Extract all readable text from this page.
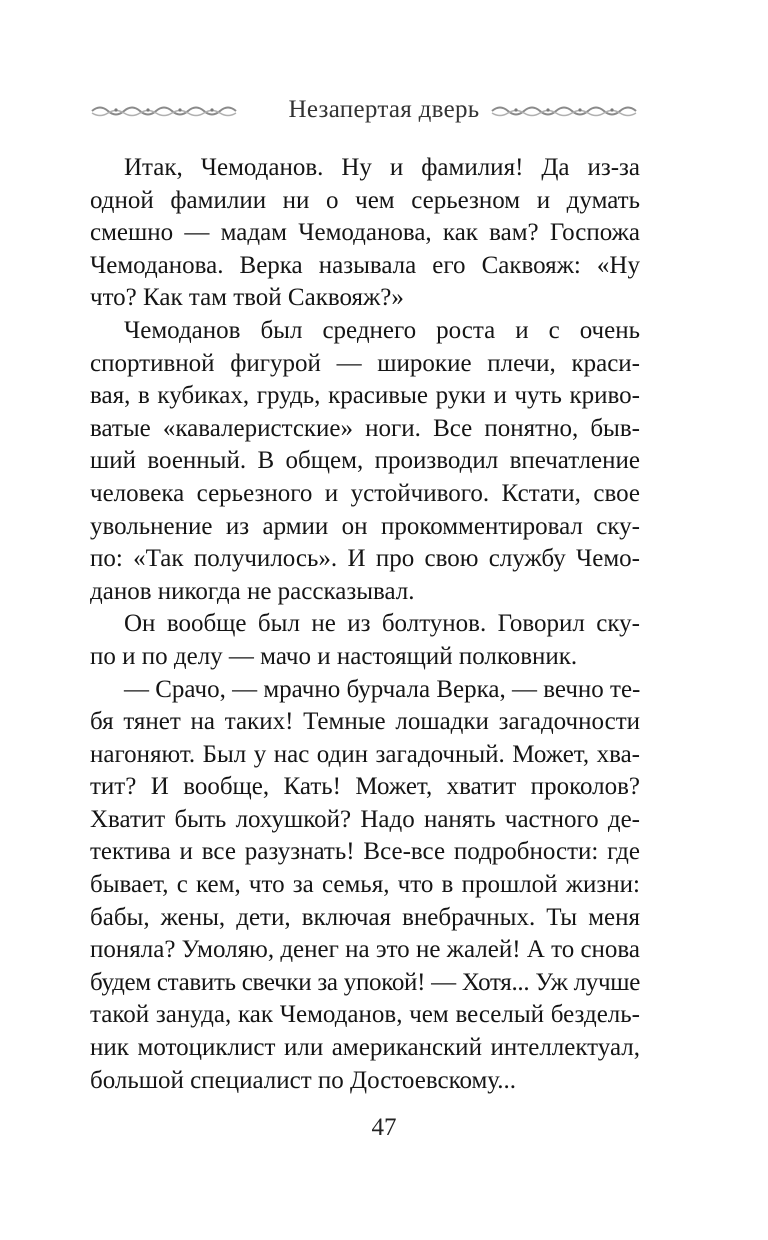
Незапертая дверь
Итак, Чемоданов. Ну и фамилия! Да из-за
одной фамилии ни о чем серьезном и думать
смешно — мадам Чемоданова, как вам? Госпожа
Чемоданова. Верка называла его Саквояж: «Ну
что? Как там твой Саквояж?»
Чемоданов был среднего роста и с очень
спортивной фигурой — широкие плечи, краси-
вая, в кубиках, грудь, красивые руки и чуть криво-
ватые «кавалеристские» ноги. Все понятно, быв-
ший военный. В общем, производил впечатление
человека серьезного и устойчивого. Кстати, свое
увольнение из армии он прокомментировал ску-
по: «Так получилось». И про свою службу Чемо-
данов никогда не рассказывал.
Он вообще был не из болтунов. Говорил ску-
по и по делу — мачо и настоящий полковник.
— Срачо, — мрачно бурчала Верка, — вечно те-
бя тянет на таких! Темные лошадки загадочности
нагоняют. Был у нас один загадочный. Может, хва-
тит? И вообще, Кать! Может, хватит проколов?
Хватит быть лохушкой? Надо нанять частного де-
тектива и все разузнать! Все-все подробности: где
бывает, с кем, что за семья, что в прошлой жизни:
бабы, жены, дети, включая внебрачных. Ты меня
поняла? Умоляю, денег на это не жалей! А то снова
будем ставить свечки за упокой! — Хотя... Уж лучше
такой зануда, как Чемоданов, чем веселый бездель-
ник мотоциклист или американский интеллектуал,
большой специалист по Достоевскому...
47
